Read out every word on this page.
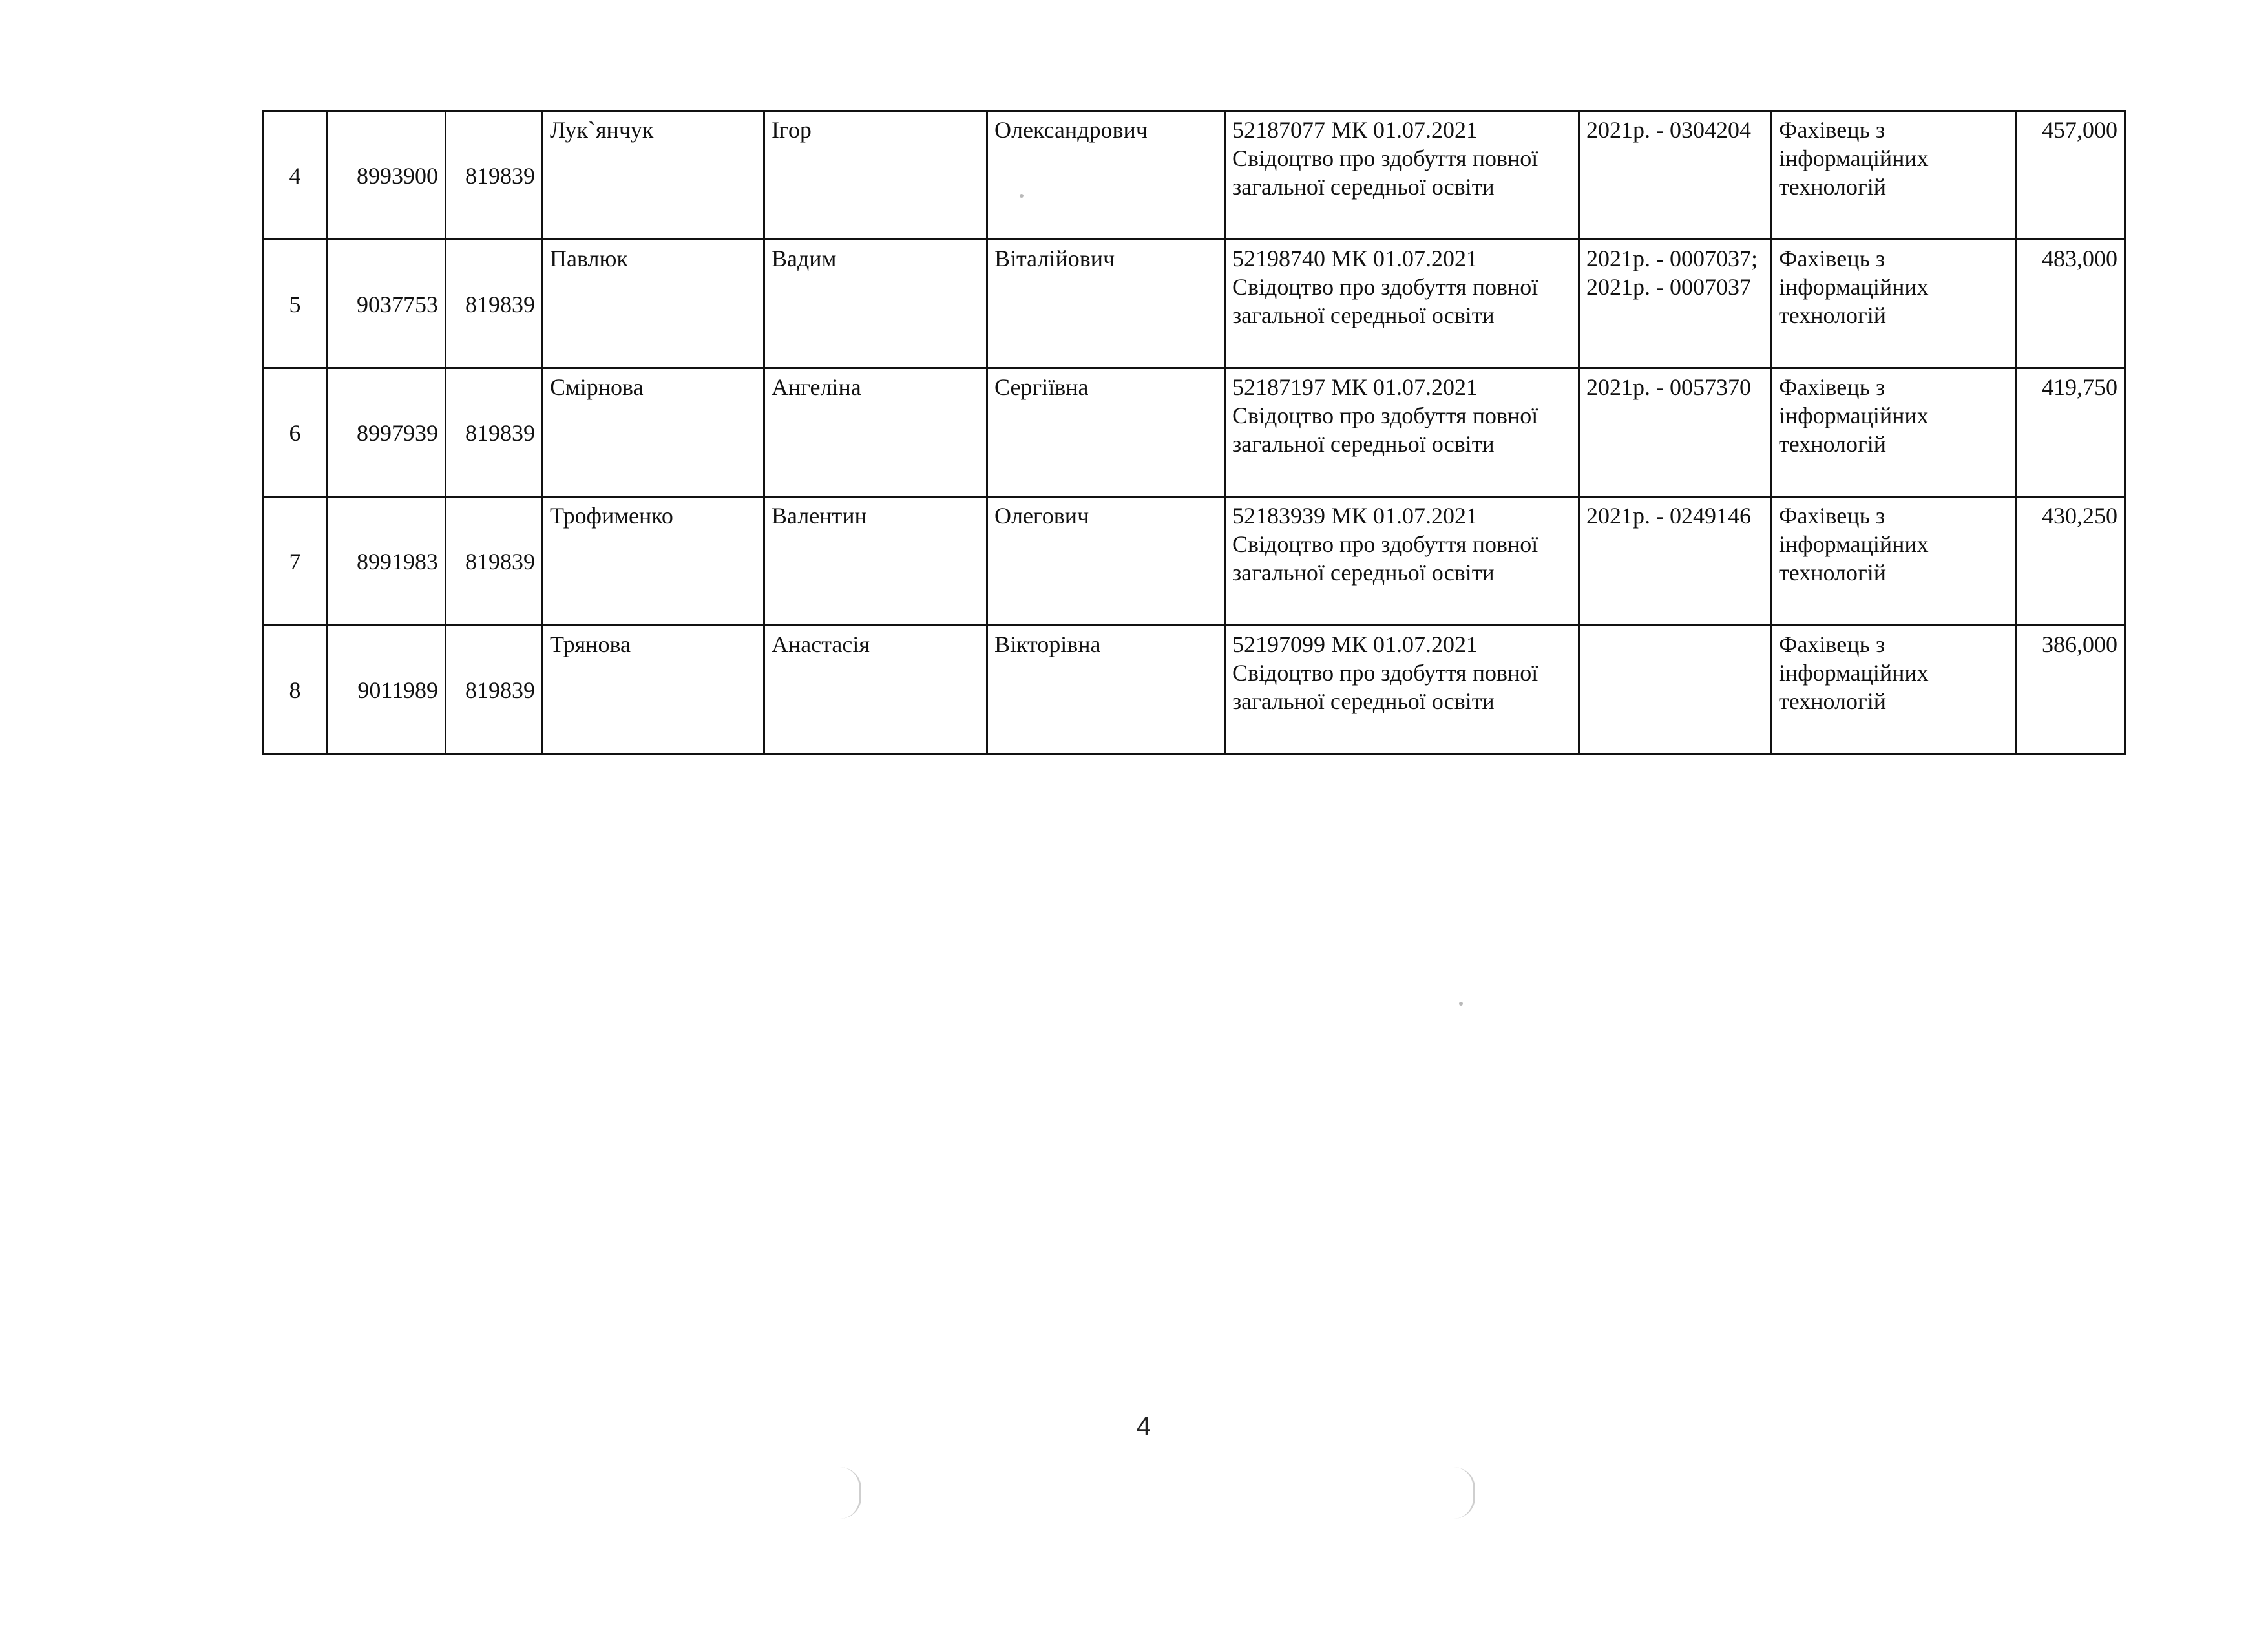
4	8993900	819839	Лук`янчук	Ігор	Олександрович	52187077 МК 01.07.2021 Свідоцтво про здобуття повної загальної середньої освіти	2021р. - 0304204	Фахівець з інформаційних технологій	457,000
5	9037753	819839	Павлюк	Вадим	Віталійович	52198740 МК 01.07.2021 Свідоцтво про здобуття повної загальної середньої освіти	2021р. - 0007037; 2021р. - 0007037	Фахівець з інформаційних технологій	483,000
6	8997939	819839	Смірнова	Ангеліна	Сергіївна	52187197 МК 01.07.2021 Свідоцтво про здобуття повної загальної середньої освіти	2021р. - 0057370	Фахівець з інформаційних технологій	419,750
7	8991983	819839	Трофименко	Валентин	Олегович	52183939 МК 01.07.2021 Свідоцтво про здобуття повної загальної середньої освіти	2021р. - 0249146	Фахівець з інформаційних технологій	430,250
8	9011989	819839	Трянова	Анастасія	Вікторівна	52197099 МК 01.07.2021 Свідоцтво про здобуття повної загальної середньої освіти		Фахівець з інформаційних технологій	386,000
4
